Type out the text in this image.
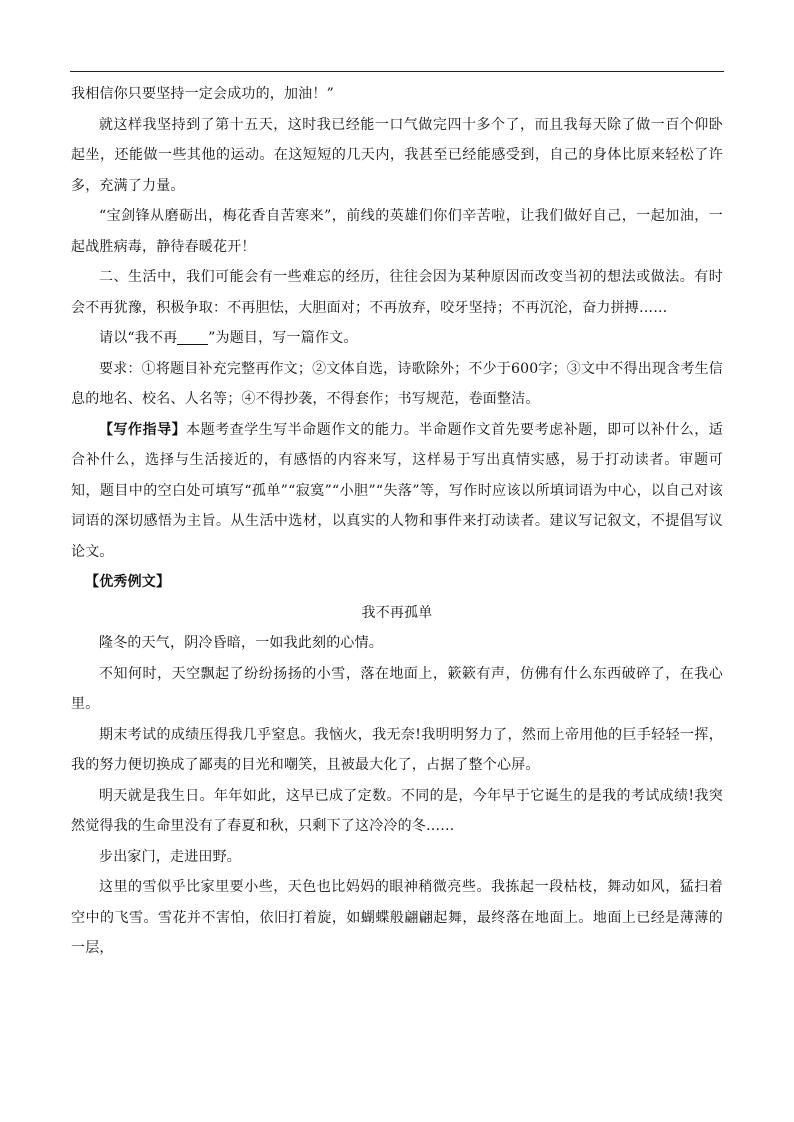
我相信你只要坚持一定会成功的，加油！”

就这样我坚持到了第十五天，这时我已经能一口气做完四十多个了，而且我每天除了做一百个仰卧起坐，还能做一些其他的运动。在这短短的几天内，我甚至已经能感受到，自己的身体比原来轻松了许多，充满了力量。

“宝剑锋从磨砺出，梅花香自苦寒来”，前线的英雄们你们辛苦啦，让我们做好自己，一起加油，一起战胜病毒，静待春暖花开！

二、生活中，我们可能会有一些难忘的经历，往往会因为某种原因而改变当初的想法或做法。有时会不再犹豫，积极争取：不再胆怯，大胆面对；不再放弃，咬牙坚持；不再沉沦，奋力拼搏……

请以“我不再 ”为题目，写一篇作文。

要求：①将题目补充完整再作文；②文体自选，诗歌除外；不少于600字；③文中不得出现含考生信息的地名、校名、人名等；④不得抄袭，不得套作；书写规范，卷面整洁。

【写作指导】本题考查学生写半命题作文的能力。半命题作文首先要考虑补题，即可以补什么，适合补什么，选择与生活接近的，有感悟的内容来写，这样易于写出真情实感，易于打动读者。审题可知，题目中的空白处可填写“孤单”“寂寞”“小胆”“失落”等，写作时应该以所填词语为中心，以自己对该词语的深切感悟为主旨。从生活中选材，以真实的人物和事件来打动读者。建议写记叙文，不提倡写议论文。

【优秀例文】

我不再孤单

隆冬的天气，阴冷昏暗，一如我此刻的心情。

不知何时，天空飘起了纷纷扬扬的小雪，落在地面上，簌簌有声，仿佛有什么东西破碎了，在我心里。

期末考试的成绩压得我几乎窒息。我恼火，我无奈!我明明努力了，然而上帝用他的巨手轻轻一挥，我的努力便切换成了鄙夷的目光和嘲笑，且被最大化了，占据了整个心屏。

明天就是我生日。年年如此，这早已成了定数。不同的是，今年早于它诞生的是我的考试成绩!我突然觉得我的生命里没有了春夏和秋，只剩下了这冷冷的冬……

步出家门，走进田野。

这里的雪似乎比家里要小些，天色也比妈妈的眼神稍微亮些。我拣起一段枯枝，舞动如风，猛扫着空中的飞雪。雪花并不害怕，依旧打着旋，如蝴蝶般翩翩起舞，最终落在地面上。地面上已经是薄薄的一层，
